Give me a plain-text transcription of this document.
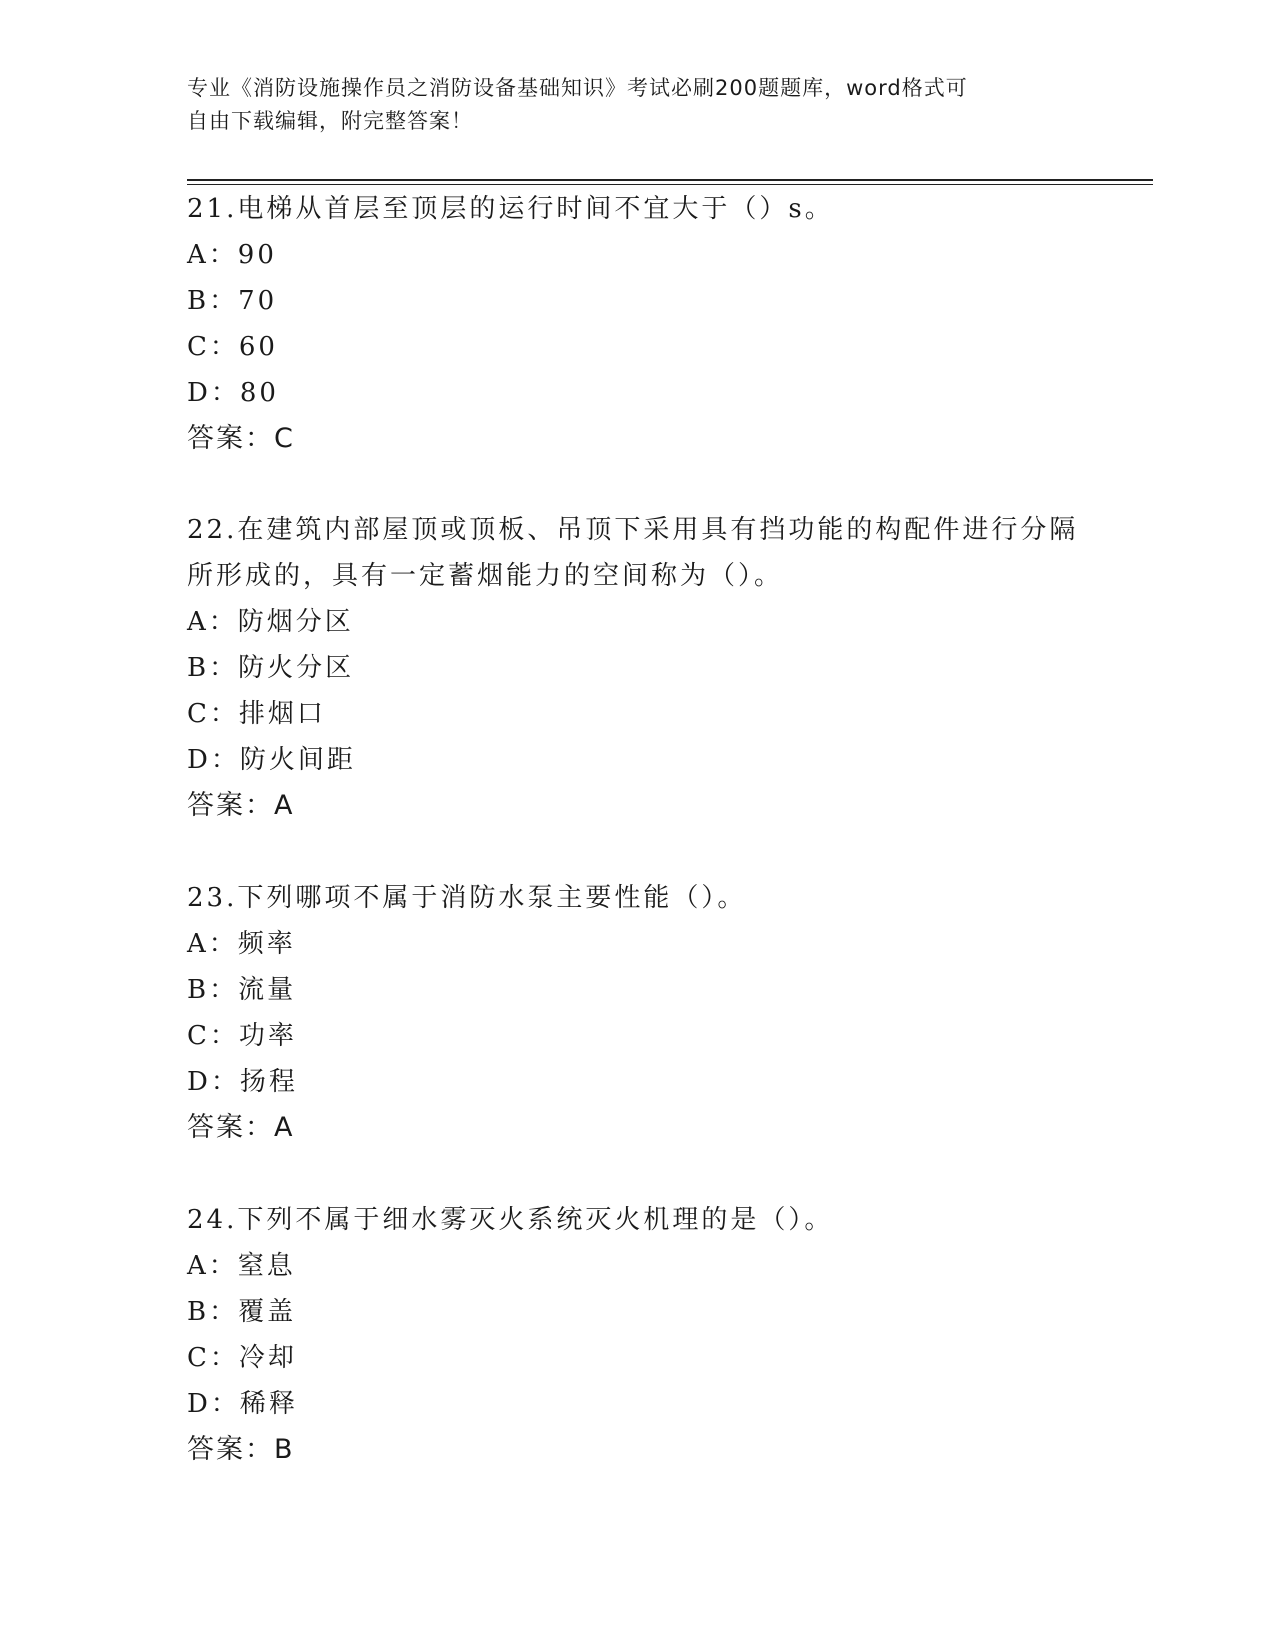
专业《消防设施操作员之消防设备基础知识》考试必刷200题题库，word格式可
自由下载编辑，附完整答案！
21.电梯从首层至顶层的运行时间不宜大于（）s。
A：90
B：70
C：60
D：80
答案：C
22.在建筑内部屋顶或顶板、吊顶下采用具有挡功能的构配件进行分隔
所形成的，具有一定蓄烟能力的空间称为（）。
A：防烟分区
B：防火分区
C：排烟口
D：防火间距
答案：A
23.下列哪项不属于消防水泵主要性能（）。
A：频率
B：流量
C：功率
D：扬程
答案：A
24.下列不属于细水雾灭火系统灭火机理的是（）。
A：窒息
B：覆盖
C：冷却
D：稀释
答案：B
